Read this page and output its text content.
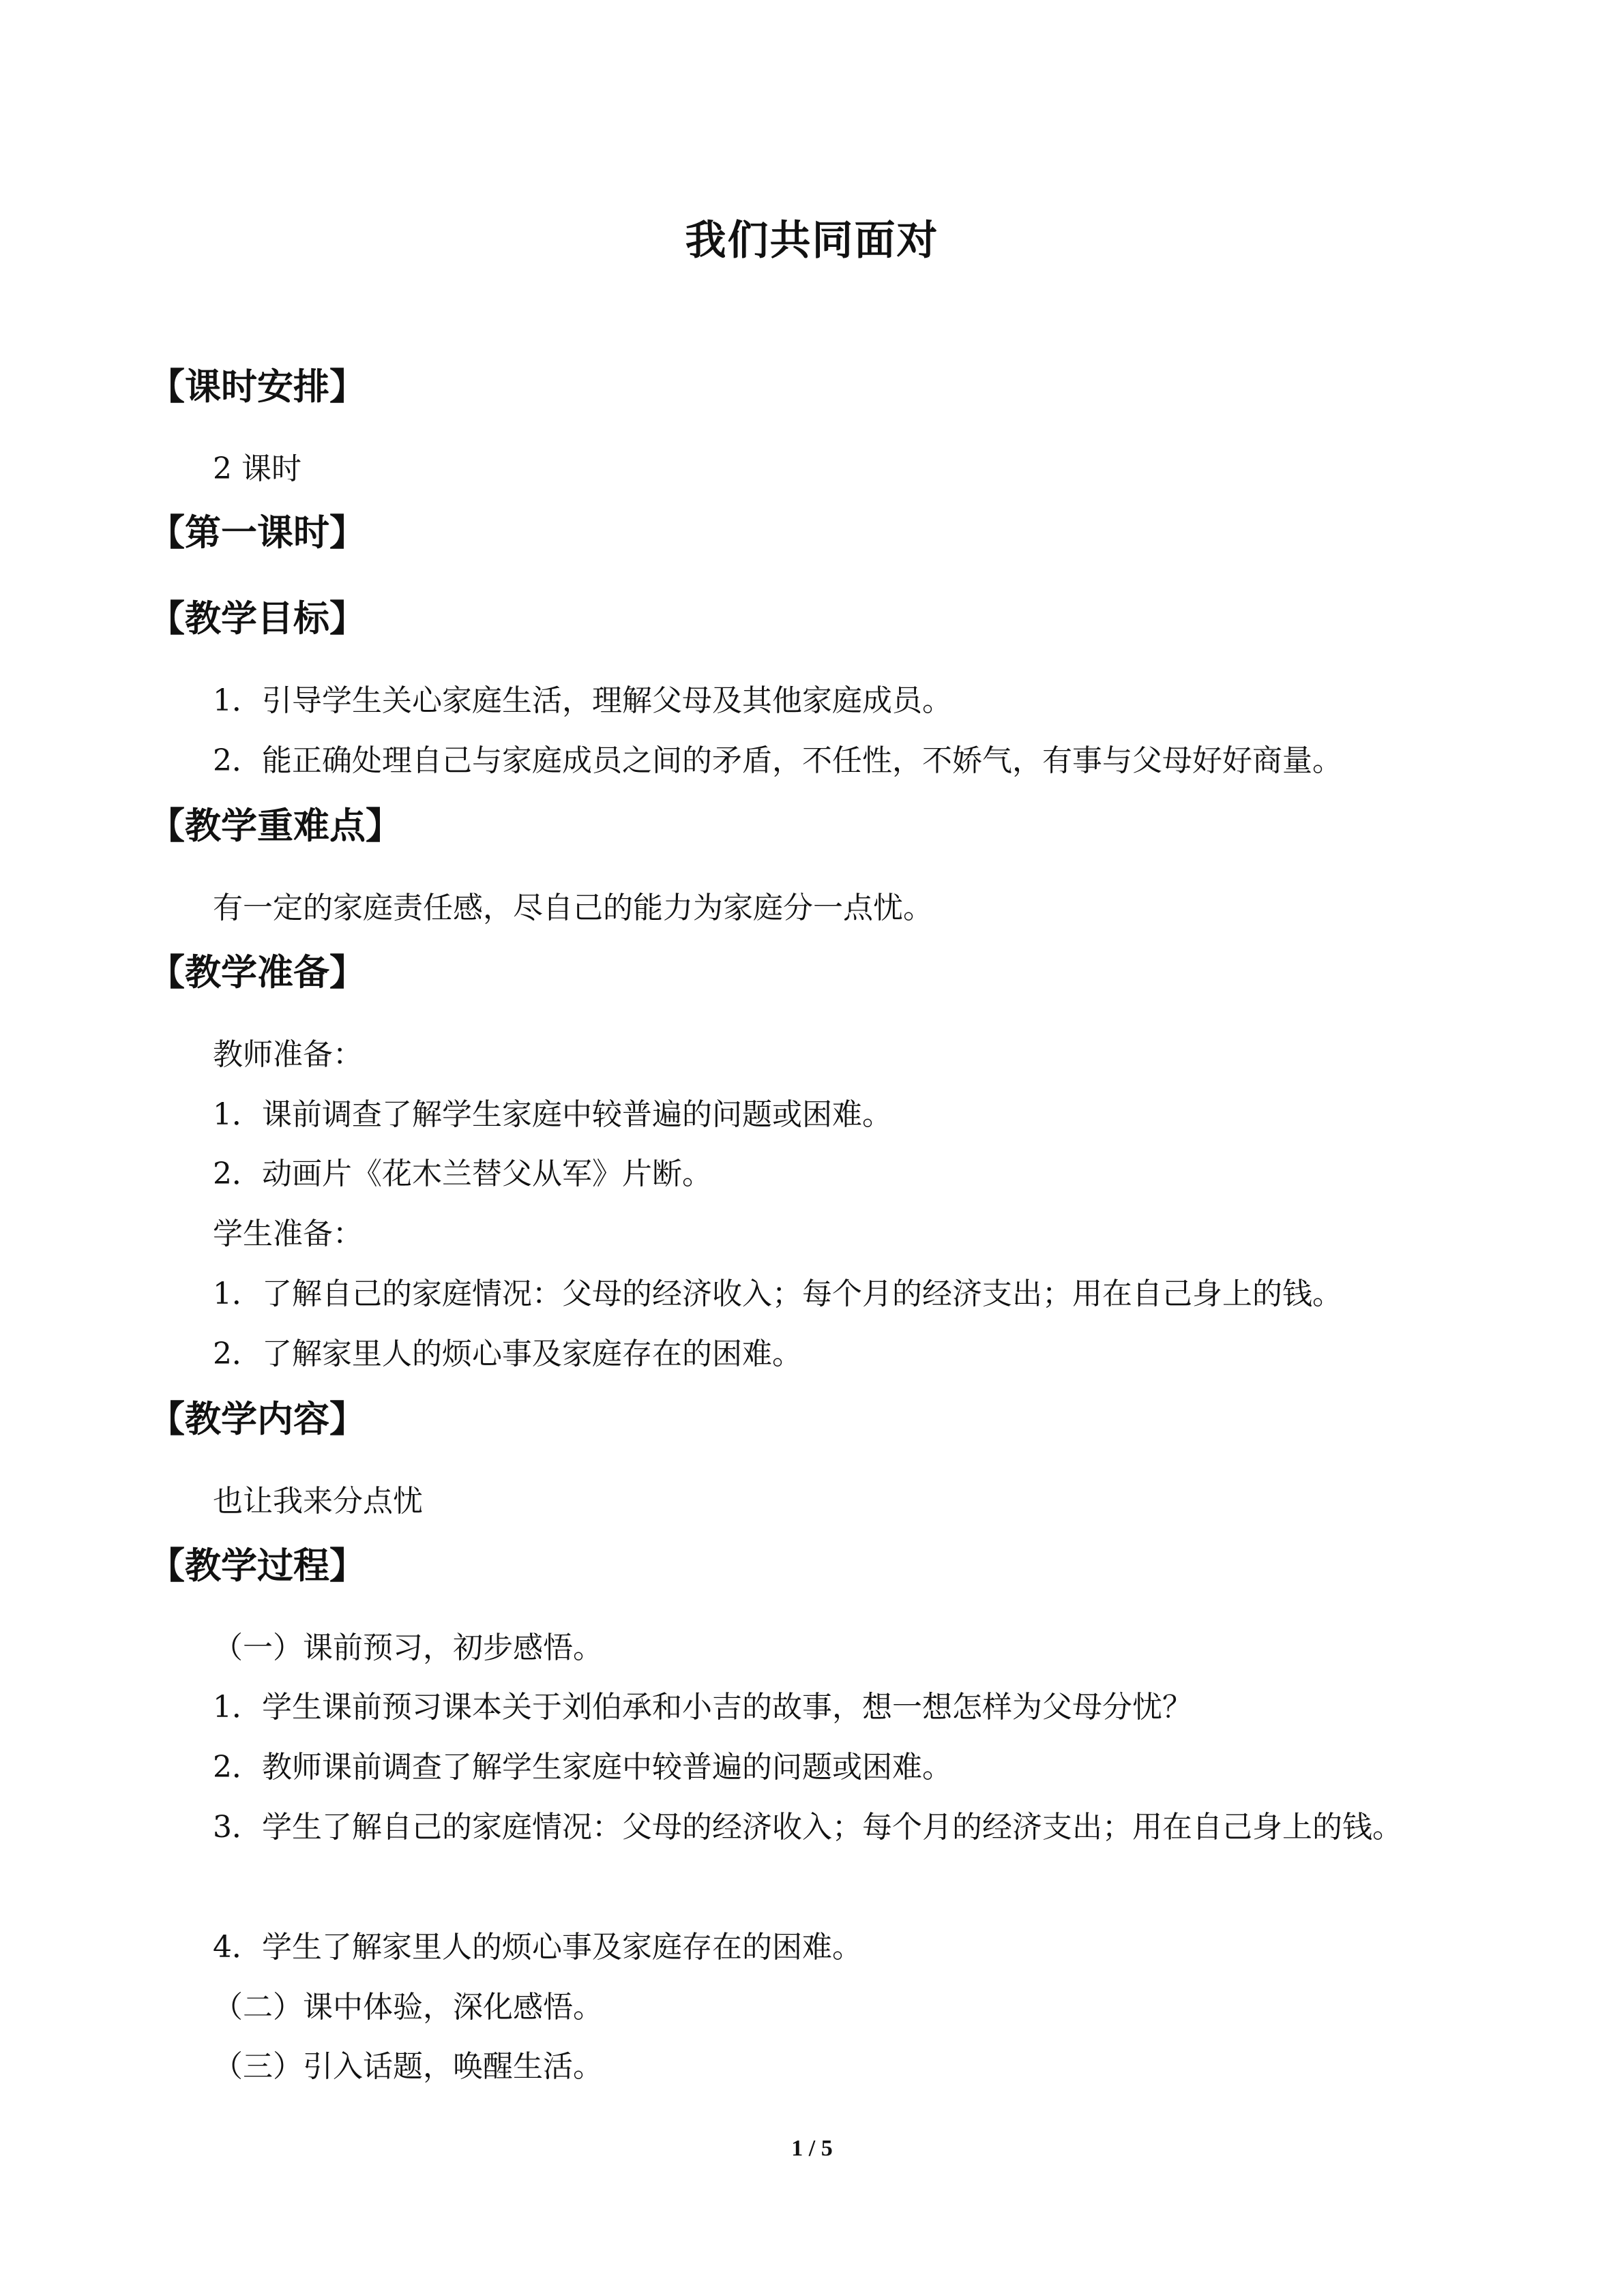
我们共同面对
【课时安排】
2 课时
【第一课时】
【教学目标】
1．引导学生关心家庭生活，理解父母及其他家庭成员。
2．能正确处理自己与家庭成员之间的矛盾，不任性，不娇气，有事与父母好好商量。
【教学重难点】
有一定的家庭责任感，尽自己的能力为家庭分一点忧。
【教学准备】
教师准备：
1．课前调查了解学生家庭中较普遍的问题或困难。
2．动画片《花木兰替父从军》片断。
学生准备：
1．了解自己的家庭情况：父母的经济收入；每个月的经济支出；用在自己身上的钱。
2．了解家里人的烦心事及家庭存在的困难。
【教学内容】
也让我来分点忧
【教学过程】
（一）课前预习，初步感悟。
1．学生课前预习课本关于刘伯承和小吉的故事，想一想怎样为父母分忧？
2．教师课前调查了解学生家庭中较普遍的问题或困难。
3．学生了解自己的家庭情况：父母的经济收入；每个月的经济支出；用在自己身上的钱。
4．学生了解家里人的烦心事及家庭存在的困难。
（二）课中体验，深化感悟。
（三）引入话题，唤醒生活。
1 / 5
